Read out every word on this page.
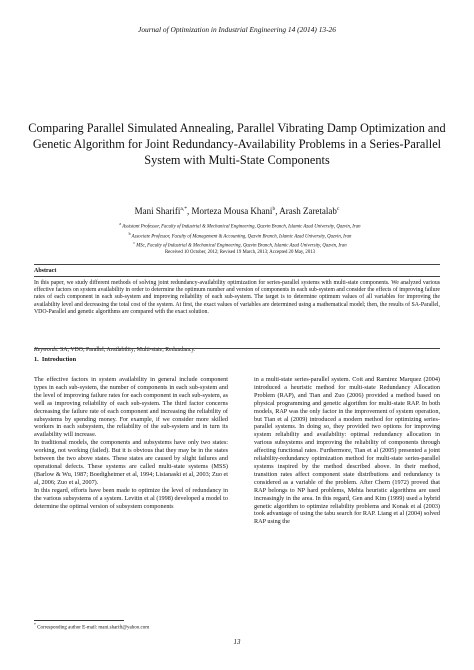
Journal of Optimization in Industrial Engineering 14 (2014) 13-26
Comparing Parallel Simulated Annealing, Parallel Vibrating Damp Optimization and Genetic Algorithm for Joint Redundancy-Availability Problems in a Series-Parallel System with Multi-State Components
Mani Sharifi$^{a,*}$, Morteza Mousa Khani$^b$, Arash Zaretalab$^c$
$^a$ Assistant Professor, Faculty of Industrial & Mechanical Engineering, Qazvin Branch, Islamic Azad University, Qazvin, Iran
$^b$ Associate Professor, Faculty of Management & Accounting, Qazvin Branch, Islamic Azad University, Qazvin, Iran
$^c$ MSc, Faculty of Industrial & Mechanical Engineering, Qazvin Branch, Islamic Azad University, Qazvin, Iran
Received 10 October, 2012; Revised 19 March, 2013; Accepted 20 May, 2013
Abstract
In this paper, we study different methods of solving joint redundancy-availability optimization for series-parallel systems with multi-state components. We analyzed various effective factors on system availability in order to determine the optimum number and version of components in each sub-system and consider the effects of improving failure rates of each component in each sub-system and improving reliability of each sub-system. The target is to determine optimum values of all variables for improving the availability level and decreasing the total cost of the system. At first, the exact values of variables are determined using a mathematical model; then, the results of SA-Parallel, VDO-Parallel and genetic algorithms are compared with the exact solution.
Keywords: SA; VDO; Parallel; Availability; Multi-state; Redundancy.
1. Introduction

The effective factors in system availability in general include component types in each sub-system, the number of components in each sub-system and the level of improving failure rates for each component in each sub-system, as well as improving reliability of each sub-system. The third factor concerns decreasing the failure rate of each component and increasing the reliability of subsystems by spending money. For example, if we consider more skilled workers in each subsystem, the reliability of the sub-system and in turn its availability will increase.

In traditional models, the components and subsystems have only two states: working, not working (failed). But it is obvious that they may be in the states between the two above states. These states are caused by slight failures and operational defects. These systems are called multi-state systems (MSS) (Barlow & Wu, 1987; Boedigheimer et al, 1994; Lisianaski et al, 2003; Zuo et al, 2006; Zuo et al, 2007).

In this regard, efforts have been made to optimize the level of redundancy in the various subsystems of a system. Levitin et al (1998) developed a model to determine the optimal version of subsystem components

in a multi-state series-parallel system. Coit and Ramirez Marquez (2004) introduced a heuristic method for multi-state Redundancy Allocation Problem (RAP), and Tian and Zuo (2006) provided a method based on physical programming and genetic algorithm for multi-state RAP. In both models, RAP was the only factor in the improvement of system operation, but Tian et al (2009) introduced a modern method for optimizing series-parallel systems. In doing so, they provided two options for improving system reliability and availability: optimal redundancy allocation in various subsystems and improving the reliability of components through affecting functional rates. Furthermore, Tian et al (2005) presented a joint reliability-redundancy optimization method for multi-state series-parallel systems inspired by the method described above. In their method, transition rates affect component state distributions and redundancy is considered as a variable of the problem. After Chern (1972) proved that RAP belongs to NP hard problems, Mehta heuristic algorithms are used increasingly in the area. In this regard, Gen and Kim (1999) used a hybrid genetic algorithm to optimize reliability problems and Konak et al (2003) took advantage of using the tabu search for RAP. Liang et al (2004) solved RAP using the

* Corresponding author E-mail: mani.sharifi@yahoo.com
13
